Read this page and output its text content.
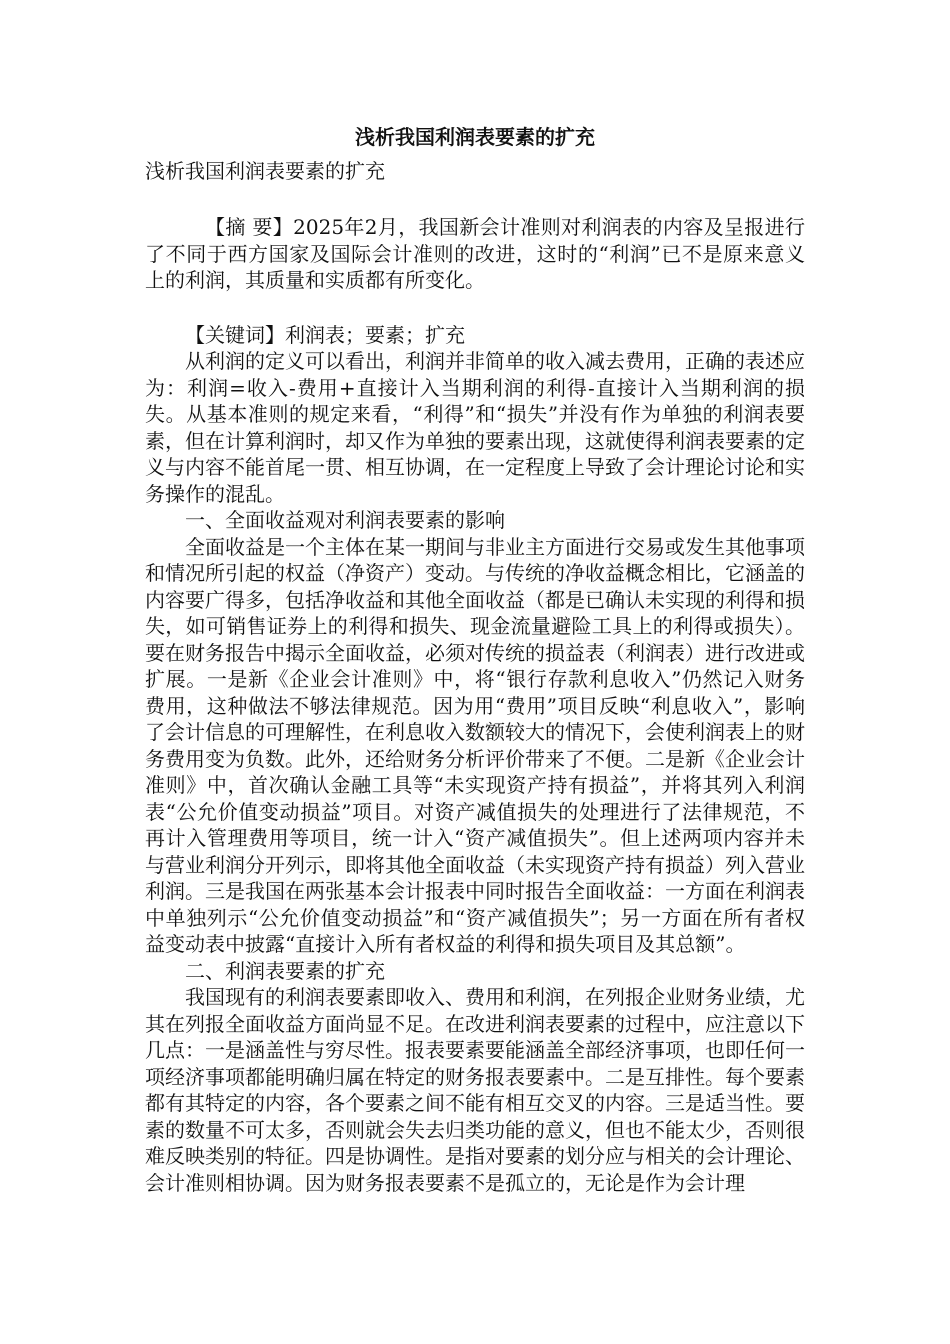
浅析我国利润表要素的扩充

浅析我国利润表要素的扩充

【摘 要】2025年2月，我国新会计准则对利润表的内容及呈报进行了不同于西方国家及国际会计准则的改进，这时的“利润”已不是原来意义上的利润，其质量和实质都有所变化。

【关键词】利润表；要素；扩充

从利润的定义可以看出，利润并非简单的收入减去费用，正确的表述应为：利润=收入-费用+直接计入当期利润的利得-直接计入当期利润的损失。从基本准则的规定来看，“利得”和“损失”并没有作为单独的利润表要素，但在计算利润时，却又作为单独的要素出现，这就使得利润表要素的定义与内容不能首尾一贯、相互协调，在一定程度上导致了会计理论讨论和实务操作的混乱。

一、全面收益观对利润表要素的影响

全面收益是一个主体在某一期间与非业主方面进行交易或发生其他事项和情况所引起的权益（净资产）变动。与传统的净收益概念相比，它涵盖的内容要广得多，包括净收益和其他全面收益（都是已确认未实现的利得和损失，如可销售证券上的利得和损失、现金流量避险工具上的利得或损失）。要在财务报告中揭示全面收益，必须对传统的损益表（利润表）进行改进或扩展。一是新《企业会计准则》中，将“银行存款利息收入”仍然记入财务费用，这种做法不够法律规范。因为用“费用”项目反映“利息收入”，影响了会计信息的可理解性，在利息收入数额较大的情况下，会使利润表上的财务费用变为负数。此外，还给财务分析评价带来了不便。二是新《企业会计准则》中，首次确认金融工具等“未实现资产持有损益”，并将其列入利润表“公允价值变动损益”项目。对资产减值损失的处理进行了法律规范，不再计入管理费用等项目，统一计入“资产减值损失”。但上述两项内容并未与营业利润分开列示，即将其他全面收益（未实现资产持有损益）列入营业利润。三是我国在两张基本会计报表中同时报告全面收益：一方面在利润表中单独列示“公允价值变动损益”和“资产减值损失”；另一方面在所有者权益变动表中披露“直接计入所有者权益的利得和损失项目及其总额”。

二、利润表要素的扩充

我国现有的利润表要素即收入、费用和利润，在列报企业财务业绩，尤其在列报全面收益方面尚显不足。在改进利润表要素的过程中，应注意以下几点：一是涵盖性与穷尽性。报表要素要能涵盖全部经济事项，也即任何一项经济事项都能明确归属在特定的财务报表要素中。二是互排性。每个要素都有其特定的内容，各个要素之间不能有相互交叉的内容。三是适当性。要素的数量不可太多，否则就会失去归类功能的意义，但也不能太少，否则很难反映类别的特征。四是协调性。是指对要素的划分应与相关的会计理论、会计准则相协调。因为财务报表要素不是孤立的，无论是作为会计理
